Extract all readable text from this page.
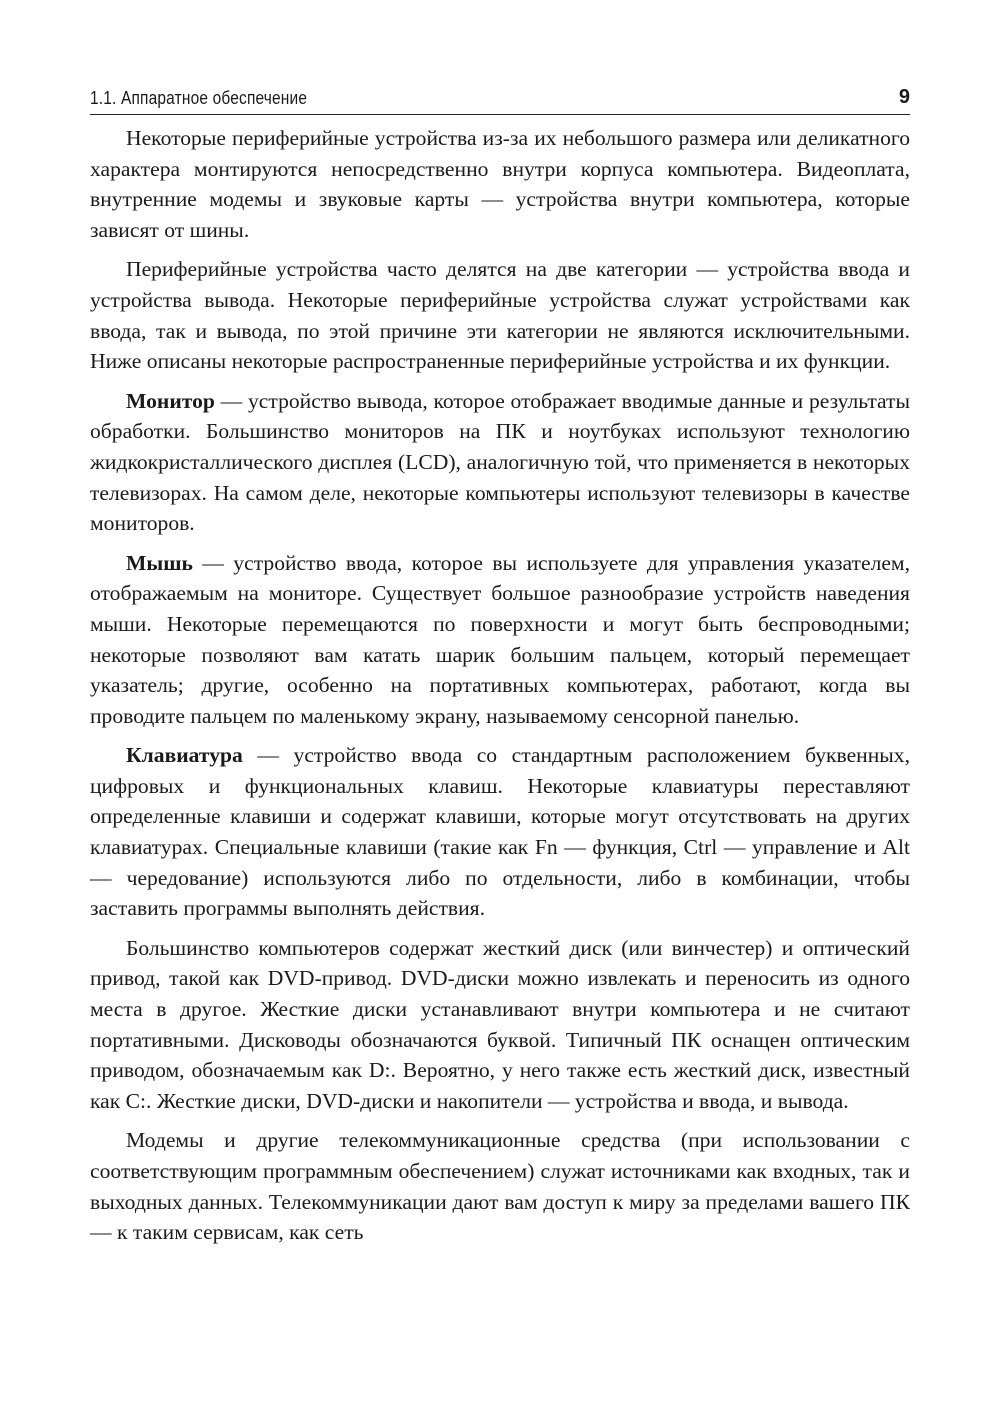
1.1. Аппаратное обеспечение	9

Некоторые периферийные устройства из-за их небольшого размера или деликатного характера монтируются непосредственно внутри корпуса компьютера. Видеоплата, внутренние модемы и звуковые карты — устройства внутри компьютера, которые зависят от шины.

Периферийные устройства часто делятся на две категории — устройства ввода и устройства вывода. Некоторые периферийные устройства служат устройствами как ввода, так и вывода, по этой причине эти категории не являются исключительными. Ниже описаны некоторые распространенные периферийные устройства и их функции.

Монитор — устройство вывода, которое отображает вводимые данные и результаты обработки. Большинство мониторов на ПК и ноутбуках используют технологию жидкокристаллического дисплея (LCD), аналогичную той, что применяется в некоторых телевизорах. На самом деле, некоторые компьютеры используют телевизоры в качестве мониторов.

Мышь — устройство ввода, которое вы используете для управления указателем, отображаемым на мониторе. Существует большое разнообразие устройств наведения мыши. Некоторые перемещаются по поверхности и могут быть беспроводными; некоторые позволяют вам катать шарик большим пальцем, который перемещает указатель; другие, особенно на портативных компьютерах, работают, когда вы проводите пальцем по маленькому экрану, называемому сенсорной панелью.

Клавиатура — устройство ввода со стандартным расположением буквенных, цифровых и функциональных клавиш. Некоторые клавиатуры переставляют определенные клавиши и содержат клавиши, которые могут отсутствовать на других клавиатурах. Специальные клавиши (такие как Fn — функция, Ctrl — управление и Alt — чередование) используются либо по отдельности, либо в комбинации, чтобы заставить программы выполнять действия.

Большинство компьютеров содержат жесткий диск (или винчестер) и оптический привод, такой как DVD-привод. DVD-диски можно извлекать и переносить из одного места в другое. Жесткие диски устанавливают внутри компьютера и не считают портативными. Дисководы обозначаются буквой. Типичный ПК оснащен оптическим приводом, обозначаемым как D:. Вероятно, у него также есть жесткий диск, известный как C:. Жесткие диски, DVD-диски и накопители — устройства и ввода, и вывода.

Модемы и другие телекоммуникационные средства (при использовании с соответствующим программным обеспечением) служат источниками как входных, так и выходных данных. Телекоммуникации дают вам доступ к миру за пределами вашего ПК — к таким сервисам, как сеть
